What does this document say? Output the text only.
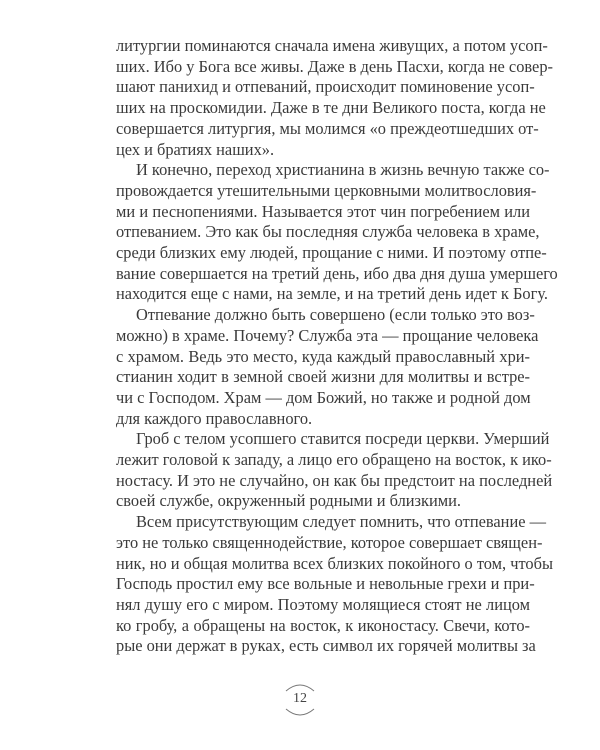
литургии поминаются сначала имена живущих, а потом усоп-
ших. Ибо у Бога все живы. Даже в день Пасхи, когда не совер-
шают панихид и отпеваний, происходит поминовение усоп-
ших на проскомидии. Даже в те дни Великого поста, когда не
совершается литургия, мы молимся «о преждеотшедших от-
цех и братиях наших».
И конечно, переход христианина в жизнь вечную также со-
провождается утешительными церковными молитвословия-
ми и песнопениями. Называется этот чин погребением или
отпеванием. Это как бы последняя служба человека в храме,
среди близких ему людей, прощание с ними. И поэтому отпе-
вание совершается на третий день, ибо два дня душа умершего
находится еще с нами, на земле, и на третий день идет к Богу.
Отпевание должно быть совершено (если только это воз-
можно) в храме. Почему? Служба эта — прощание человека
с храмом. Ведь это место, куда каждый православный хри-
стианин ходит в земной своей жизни для молитвы и встре-
чи с Господом. Храм — дом Божий, но также и родной дом
для каждого православного.
Гроб с телом усопшего ставится посреди церкви. Умерший
лежит головой к западу, а лицо его обращено на восток, к ико-
ностасу. И это не случайно, он как бы предстоит на последней
своей службе, окруженный родными и близкими.
Всем присутствующим следует помнить, что отпевание —
это не только священнодействие, которое совершает священ-
ник, но и общая молитва всех близких покойного о том, чтобы
Господь простил ему все вольные и невольные грехи и при-
нял душу его с миром. Поэтому молящиеся стоят не лицом
ко гробу, а обращены на восток, к иконостасу. Свечи, кото-
рые они держат в руках, есть символ их горячей молитвы за
12
